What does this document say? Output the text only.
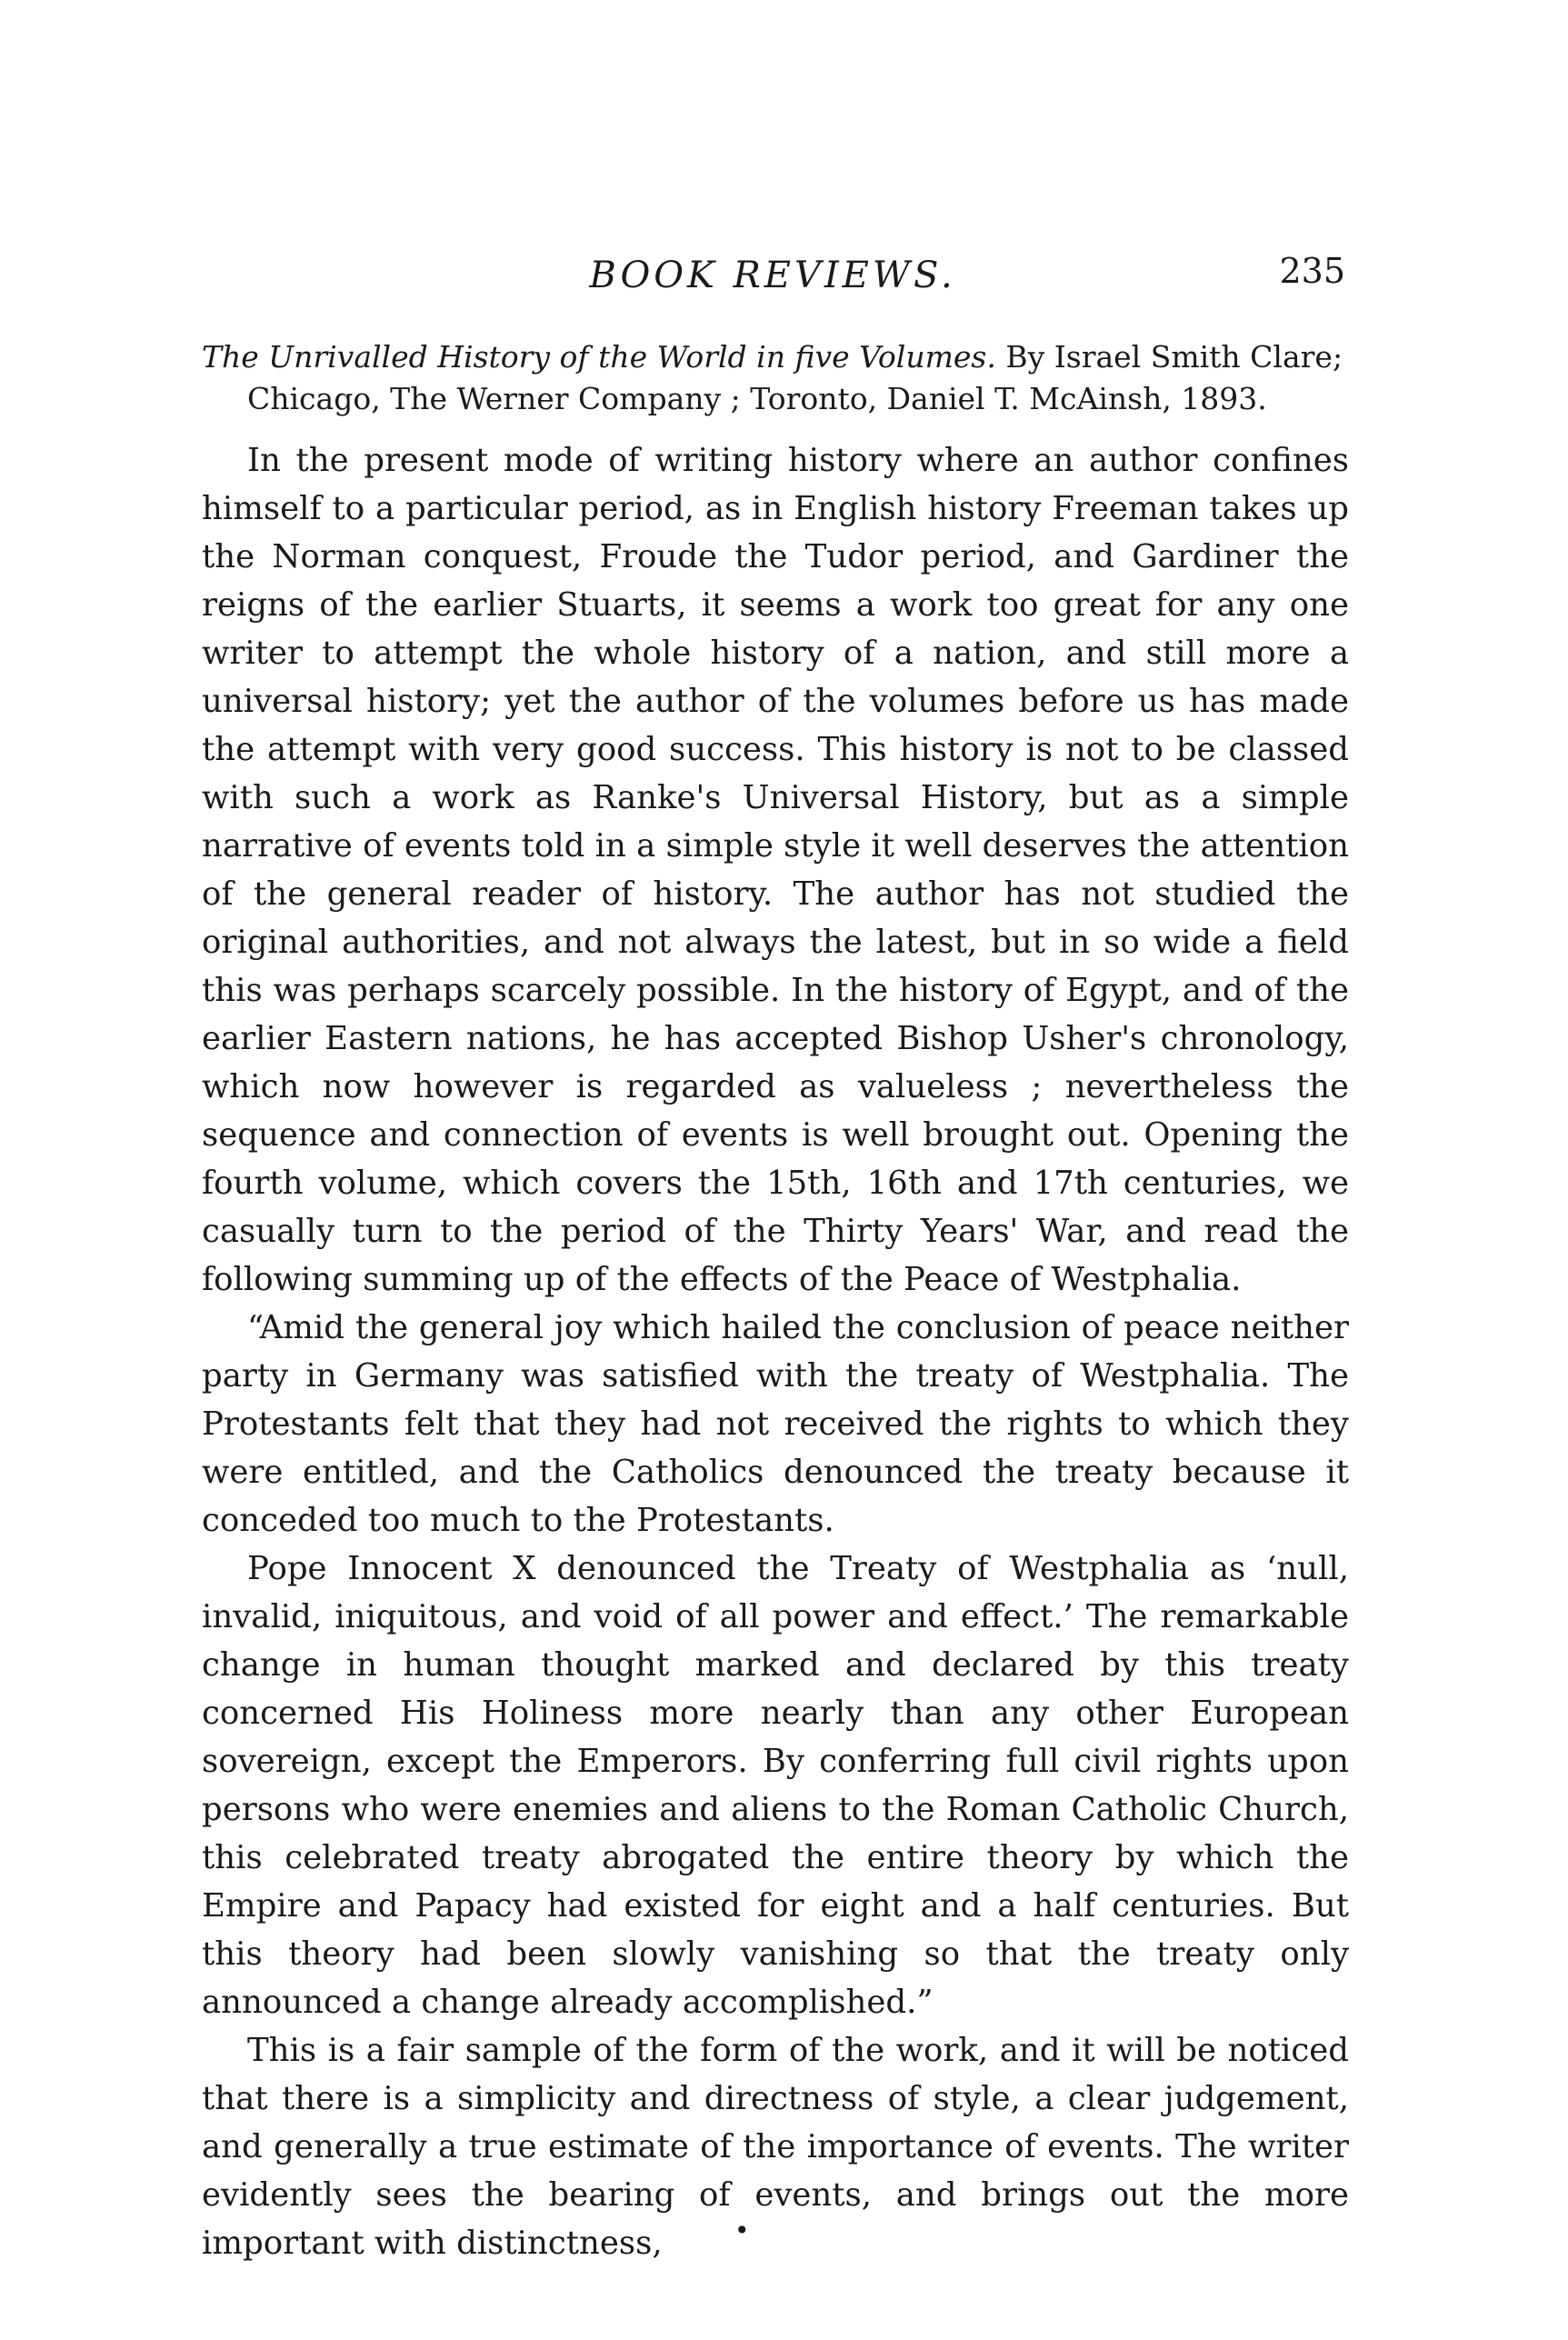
BOOK REVIEWS.	235
The Unrivalled History of the World in five Volumes. By Israel Smith Clare; Chicago, The Werner Company ; Toronto, Daniel T. McAinsh, 1893.

In the present mode of writing history where an author confines himself to a particular period, as in English history Freeman takes up the Norman conquest, Froude the Tudor period, and Gardiner the reigns of the earlier Stuarts, it seems a work too great for any one writer to attempt the whole history of a nation, and still more a universal history; yet the author of the volumes before us has made the attempt with very good success. This history is not to be classed with such a work as Ranke's Universal History, but as a simple narrative of events told in a simple style it well deserves the attention of the general reader of history. The author has not studied the original authorities, and not always the latest, but in so wide a field this was perhaps scarcely possible. In the history of Egypt, and of the earlier Eastern nations, he has accepted Bishop Usher's chronology, which now however is regarded as valueless ; nevertheless the sequence and connection of events is well brought out. Opening the fourth volume, which covers the 15th, 16th and 17th centuries, we casually turn to the period of the Thirty Years' War, and read the following summing up of the effects of the Peace of Westphalia.

“Amid the general joy which hailed the conclusion of peace neither party in Germany was satisfied with the treaty of Westphalia. The Protestants felt that they had not received the rights to which they were entitled, and the Catholics denounced the treaty because it conceded too much to the Protestants.

Pope Innocent X denounced the Treaty of Westphalia as ‘null, invalid, iniquitous, and void of all power and effect.’ The remarkable change in human thought marked and declared by this treaty concerned His Holiness more nearly than any other European sovereign, except the Emperors. By conferring full civil rights upon persons who were enemies and aliens to the Roman Catholic Church, this celebrated treaty abrogated the entire theory by which the Empire and Papacy had existed for eight and a half centuries. But this theory had been slowly vanishing so that the treaty only announced a change already accomplished.”

This is a fair sample of the form of the work, and it will be noticed that there is a simplicity and directness of style, a clear judgement, and generally a true estimate of the importance of events. The writer evidently sees the bearing of events, and brings out the more important with distinctness,	•
